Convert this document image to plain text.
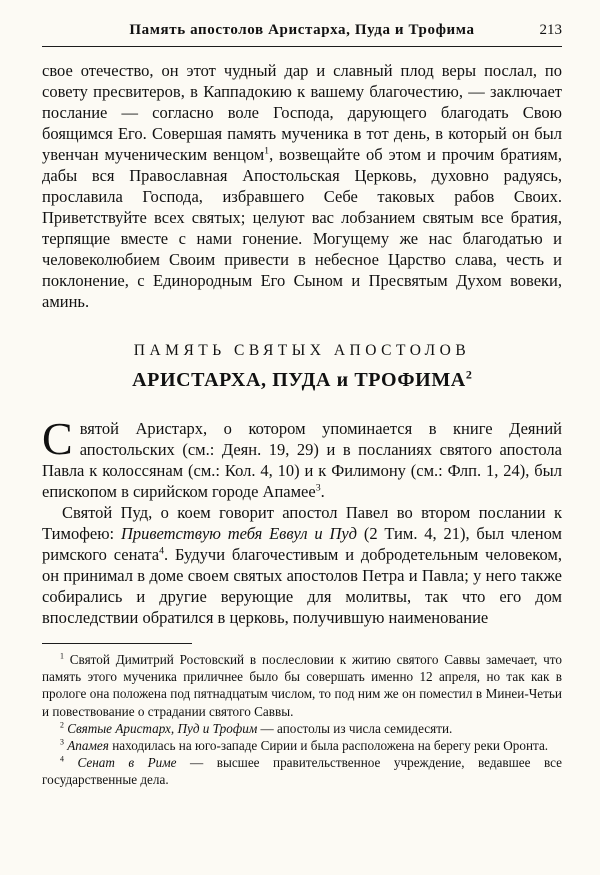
Память апостолов Аристарха, Пуда и Трофима	213

свое отечество, он этот чудный дар и славный плод веры послал, по совету пресвитеров, в Каппадокию к вашему благочестию, — заключает послание — согласно воле Господа, дарующего благодать Свою боящимся Его. Совершая память мученика в тот день, в который он был увенчан мученическим венцом$^1$, возвещайте об этом и прочим братиям, дабы вся Православная Апостольская Церковь, духовно радуясь, прославила Господа, избравшего Себе таковых рабов Своих. Приветствуйте всех святых; целуют вас лобзанием святым все братия, терпящие вместе с нами гонение. Могущему же нас благодатью и человеколюбием Своим привести в небесное Царство слава, честь и поклонение, с Единородным Его Сыном и Пресвятым Духом вовеки, аминь.

ПАМЯТЬ СВЯТЫХ АПОСТОЛОВ
АРИСТАРХА, ПУДА и ТРОФИМА$^2$

Святой Аристарх, о котором упоминается в книге Деяний апостольских (см.: Деян. 19, 29) и в посланиях святого апостола Павла к колоссянам (см.: Кол. 4, 10) и к Филимону (см.: Флп. 1, 24), был епископом в сирийском городе Апамее$^3$.

Святой Пуд, о коем говорит апостол Павел во втором послании к Тимофею: Приветствую тебя Еввул и Пуд (2 Тим. 4, 21), был членом римского сената$^4$. Будучи благочестивым и добродетельным человеком, он принимал в доме своем святых апостолов Петра и Павла; у него также собирались и другие верующие для молитвы, так что его дом впоследствии обратился в церковь, получившую наименование

$^1$ Святой Димитрий Ростовский в послесловии к житию святого Саввы замечает, что память этого мученика приличнее было бы совершать именно 12 апреля, но так как в прологе она положена под пятнадцатым числом, то под ним же он поместил в Минеи-Четьи и повествование о страдании святого Саввы.

$^2$ Святые Аристарх, Пуд и Трофим — апостолы из числа семидесяти.

$^3$ Апамея находилась на юго-западе Сирии и была расположена на берегу реки Оронта.

$^4$ Сенат в Риме — высшее правительственное учреждение, ведавшее все государственные дела.
